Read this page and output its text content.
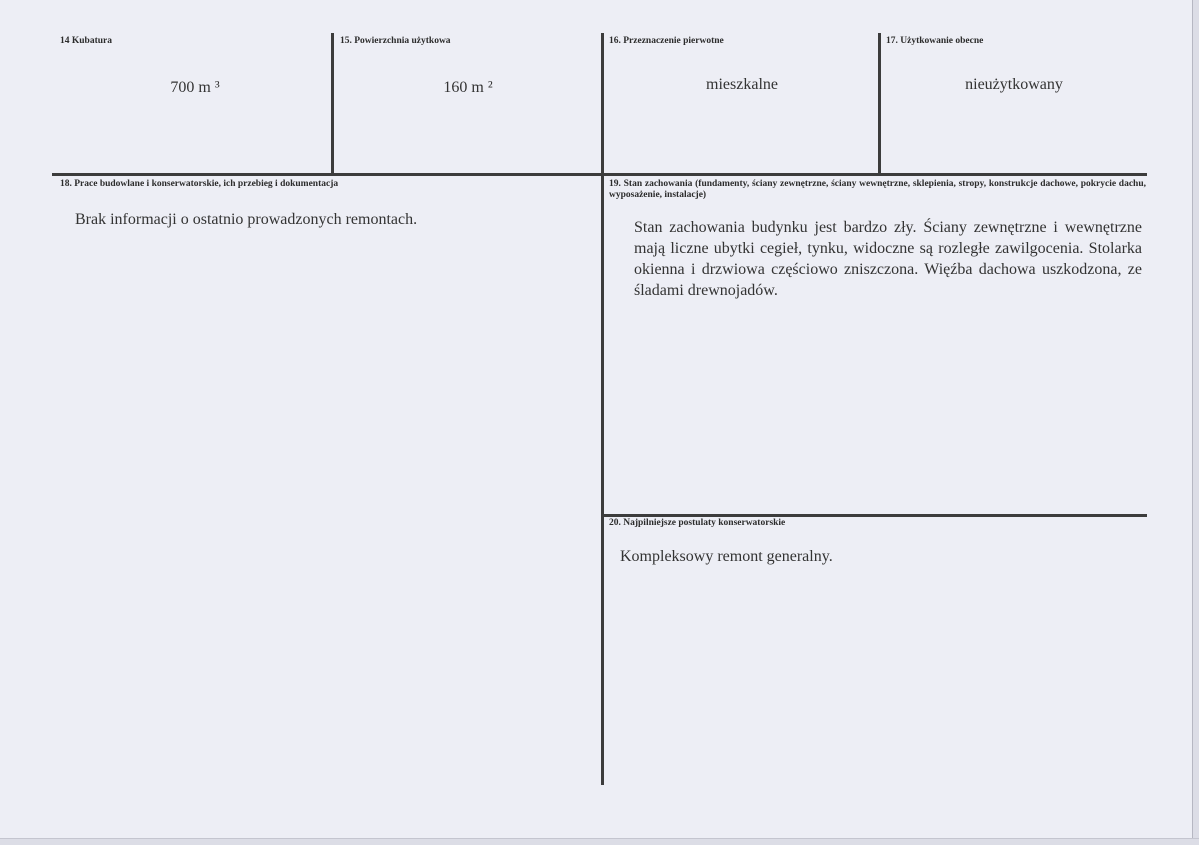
14 Kubatura
700 m ³
15. Powierzchnia użytkowa
160 m ²
16. Przeznaczenie pierwotne
mieszkalne
17. Użytkowanie obecne
nieużytkowany
18. Prace budowlane i konserwatorskie, ich przebieg i dokumentacja
Brak informacji o ostatnio prowadzonych remontach.
19. Stan zachowania (fundamenty, ściany zewnętrzne, ściany wewnętrzne, sklepienia, stropy, konstrukcje dachowe, pokrycie dachu, wyposażenie, instalacje)
Stan zachowania budynku jest bardzo zły. Ściany zewnętrzne i wewnętrzne mają liczne ubytki cegieł, tynku, widoczne są rozległe zawilgocenia. Stolarka okienna i drzwiowa częściowo zniszczona. Więźba dachowa uszkodzona, ze śladami drewnojadów.
20. Najpilniejsze postulaty konserwatorskie
Kompleksowy remont generalny.
